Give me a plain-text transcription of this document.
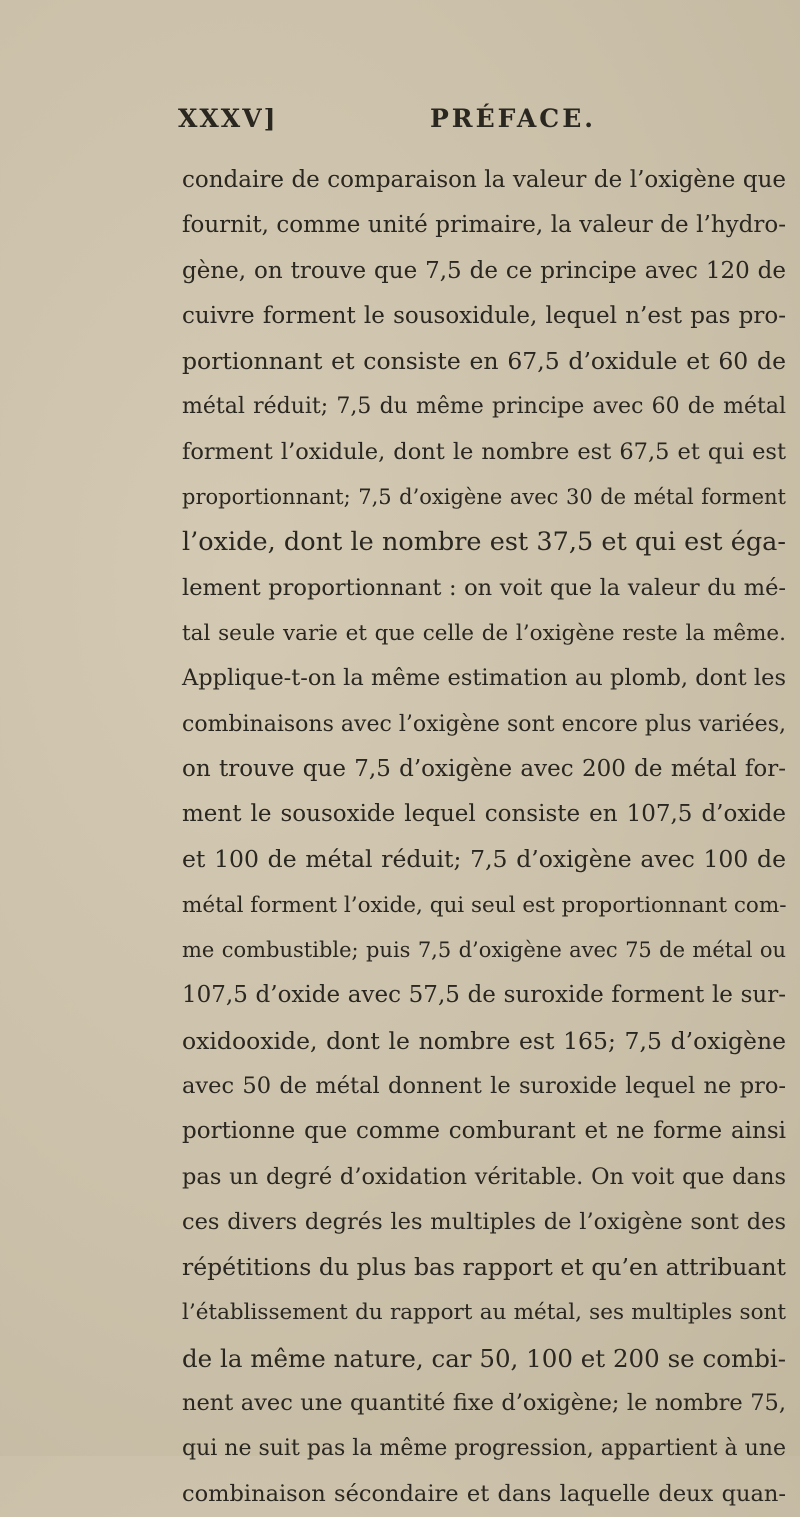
XXXV]	PRÉFACE.
condaire de comparaison la valeur de l’oxigène que
fournit, comme unité primaire, la valeur de l’hydro-
gène, on trouve que 7,5 de ce principe avec 120 de
cuivre forment le sousoxidule, lequel n’est pas pro-
portionnant et consiste en 67,5 d’oxidule et 60 de
métal réduit; 7,5 du même principe avec 60 de métal
forment l’oxidule, dont le nombre est 67,5 et qui est
proportionnant; 7,5 d’oxigène avec 30 de métal forment
l’oxide, dont le nombre est 37,5 et qui est éga-
lement proportionnant : on voit que la valeur du mé-
tal seule varie et que celle de l’oxigène reste la même.
Applique-t-on la même estimation au plomb, dont les
combinaisons avec l’oxigène sont encore plus variées,
on trouve que 7,5 d’oxigène avec 200 de métal for-
ment le sousoxide lequel consiste en 107,5 d’oxide
et 100 de métal réduit; 7,5 d’oxigène avec 100 de
métal forment l’oxide, qui seul est proportionnant com-
me combustible; puis 7,5 d’oxigène avec 75 de métal ou
107,5 d’oxide avec 57,5 de suroxide forment le sur-
oxidooxide, dont le nombre est 165; 7,5 d’oxigène
avec 50 de métal donnent le suroxide lequel ne pro-
portionne que comme comburant et ne forme ainsi
pas un degré d’oxidation véritable. On voit que dans
ces divers degrés les multiples de l’oxigène sont des
répétitions du plus bas rapport et qu’en attribuant
l’établissement du rapport au métal, ses multiples sont
de la même nature, car 50, 100 et 200 se combi-
nent avec une quantité fixe d’oxigène; le nombre 75,
qui ne suit pas la même progression, appartient à une
combinaison sécondaire et dans laquelle deux quan-
